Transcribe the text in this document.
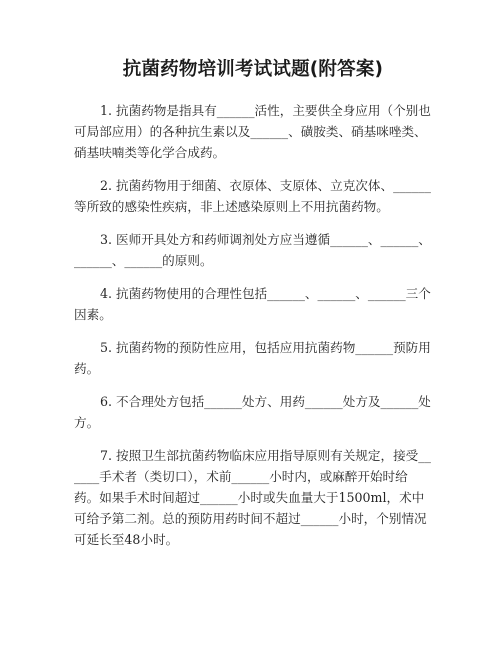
抗菌药物培训考试试题(附答案)

1. 抗菌药物是指具有______活性，主要供全身应用（个别也可局部应用）的各种抗生素以及______、磺胺类、硝基咪唑类、硝基呋喃类等化学合成药。

2. 抗菌药物用于细菌、衣原体、支原体、立克次体、______等所致的感染性疾病，非上述感染原则上不用抗菌药物。

3. 医师开具处方和药师调剂处方应当遵循______、______、______、______的原则。

4. 抗菌药物使用的合理性包括______、______、______三个因素。

5. 抗菌药物的预防性应用，包括应用抗菌药物______预防用药。

6. 不合理处方包括______处方、用药______处方及______处方。

7. 按照卫生部抗菌药物临床应用指导原则有关规定，接受______手术者（类切口），术前______小时内，或麻醉开始时给药。如果手术时间超过______小时或失血量大于1500ml，术中可给予第二剂。总的预防用药时间不超过______小时，个别情况可延长至48小时。
